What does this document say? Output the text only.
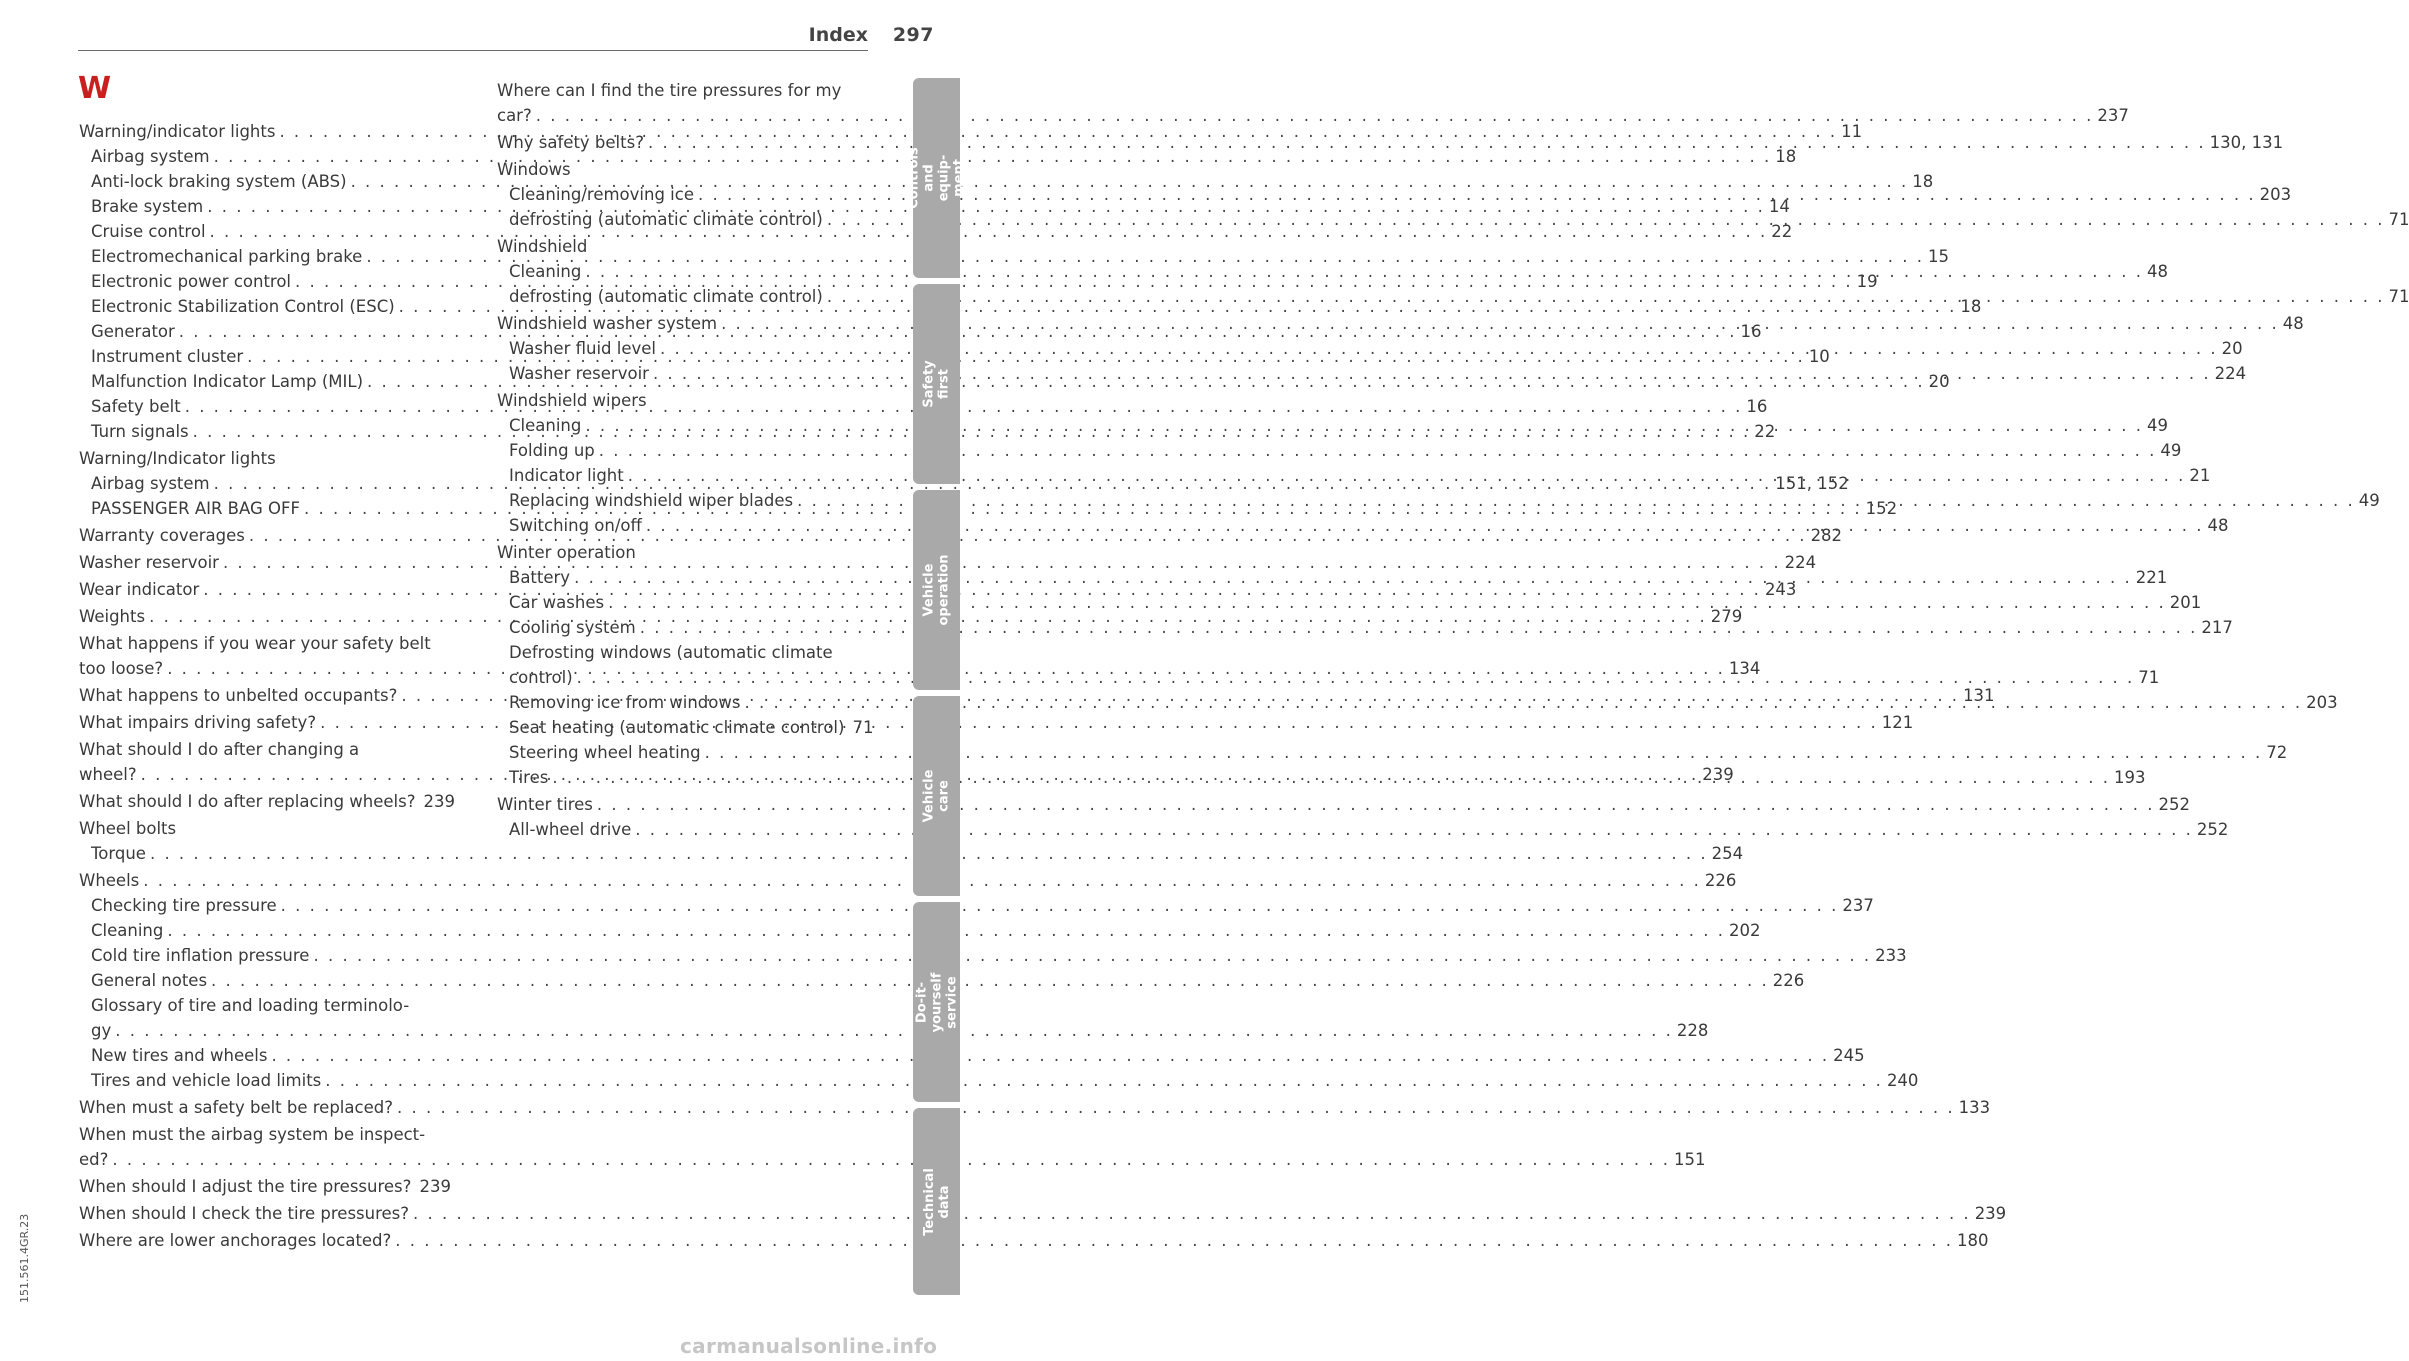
Index 297
W
Warning/indicator lights . . .	11
Airbag system . . .	18
Anti-lock braking system (ABS) . . .	18
Brake system . . .	14
Cruise control . . .	22
Electromechanical parking brake . . .	15
Electronic power control . . .	19
Electronic Stabilization Control (ESC) . . .	18
Generator . . .	16
Instrument cluster . . .	10
Malfunction Indicator Lamp (MIL) . . .	20
Safety belt . . .	16
Turn signals . . .	22
Warning/Indicator lights
Airbag system . . .	151, 152
PASSENGER AIR BAG OFF . . .	152
Warranty coverages . . .	282
Washer reservoir . . .	224
Wear indicator . . .	243
Weights . . .	279
What happens if you wear your safety belt
too loose? . . .	134
What happens to unbelted occupants? . . .	131
What impairs driving safety? . . .	121
What should I do after changing a
wheel? . . .	239
What should I do after replacing wheels? 239
Wheel bolts
Torque . . .	254
Wheels . . .	226
Checking tire pressure . . .	237
Cleaning . . .	202
Cold tire inflation pressure . . .	233
General notes . . .	226
Glossary of tire and loading terminolo-
gy . . .	228
New tires and wheels . . .	245
Tires and vehicle load limits . . .	240
When must a safety belt be replaced? . . .	133
When must the airbag system be inspect-
ed? . . .	151
When should I adjust the tire pressures? . . . 239
When should I check the tire pressures? . . .	239
Where are lower anchorages located? . . .	180
Where can I find the tire pressures for my
car? . . .	237
Why safety belts? . . .	130, 131
Windows
Cleaning/removing ice . . .	203
defrosting (automatic climate control) . . .	71
Windshield
Cleaning . . .	48
defrosting (automatic climate control) . . .	71
Windshield washer system . . .	48
Washer fluid level . . .	20
Washer reservoir . . .	224
Windshield wipers
Cleaning . . .	49
Folding up . . .	49
Indicator light . . .	21
Replacing windshield wiper blades . . .	49
Switching on/off . . .	48
Winter operation
Battery . . .	221
Car washes . . .	201
Cooling system . . .	217
Defrosting windows (automatic climate
control) . . .	71
Removing ice from windows . . .	203
Seat heating (automatic climate control) 71
Steering wheel heating . . .	72
Tires . . .	193
Winter tires . . .	252
All-wheel drive . . .	252
Controls and equip- ment
Safety first
Vehicle operation
Vehicle care
Do-it-yourself service
Technical data
151.561.4GR.23
carmanualsonline.info
